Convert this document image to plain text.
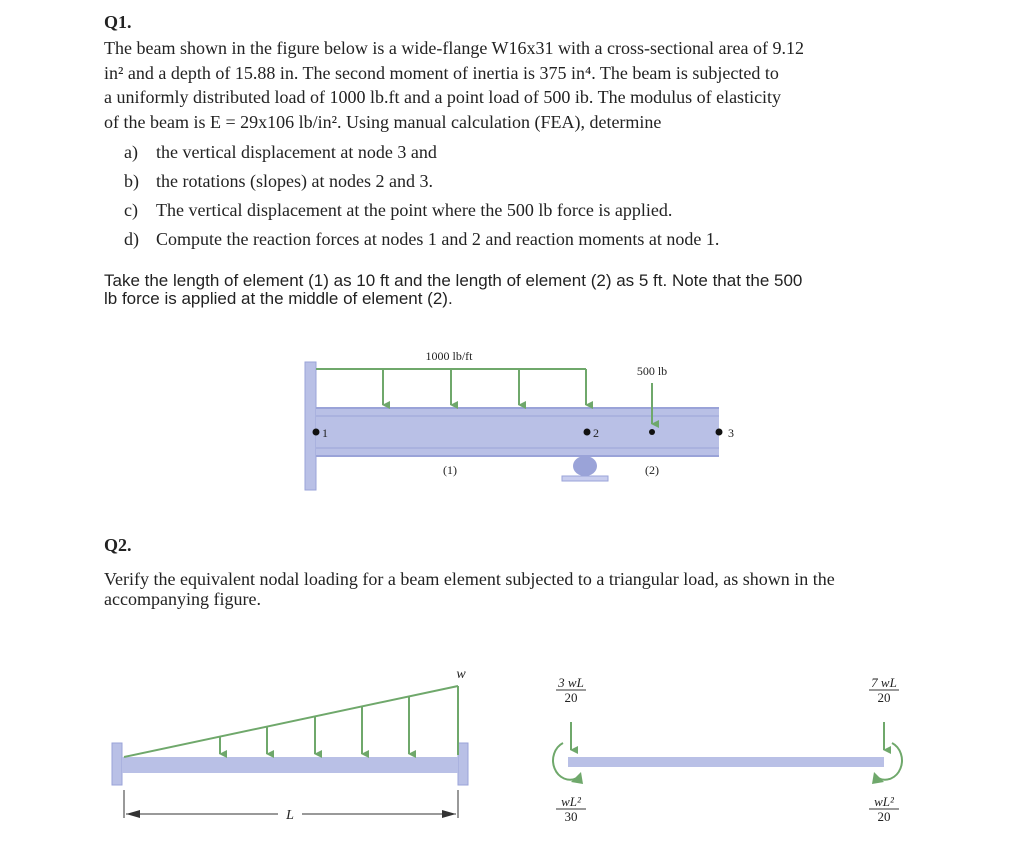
Q1.
The beam shown in the figure below is a wide-flange W16x31 with a cross-sectional area of 9.12
in² and a depth of 15.88 in. The second moment of inertia is 375 in⁴. The beam is subjected to
a uniformly distributed load of 1000 lb.ft and a point load of 500 ib. The modulus of elasticity
of the beam is E = 29x106 lb/in². Using manual calculation (FEA), determine
a) the vertical displacement at node 3 and
b) the rotations (slopes) at nodes 2 and 3.
c) The vertical displacement at the point where the 500 lb force is applied.
d) Compute the reaction forces at nodes 1 and 2 and reaction moments at node 1.
Take the length of element (1) as 10 ft and the length of element (2) as 5 ft. Note that the 500
lb force is applied at the middle of element (2).
1000 lb/ft
500 lb
1	2	3
(1)	(2)
w
L
3 wL
20
wL²
30
7 wL
20
wL²
20
Q2.
Verify the equivalent nodal loading for a beam element subjected to a triangular load, as shown in the
accompanying figure.
